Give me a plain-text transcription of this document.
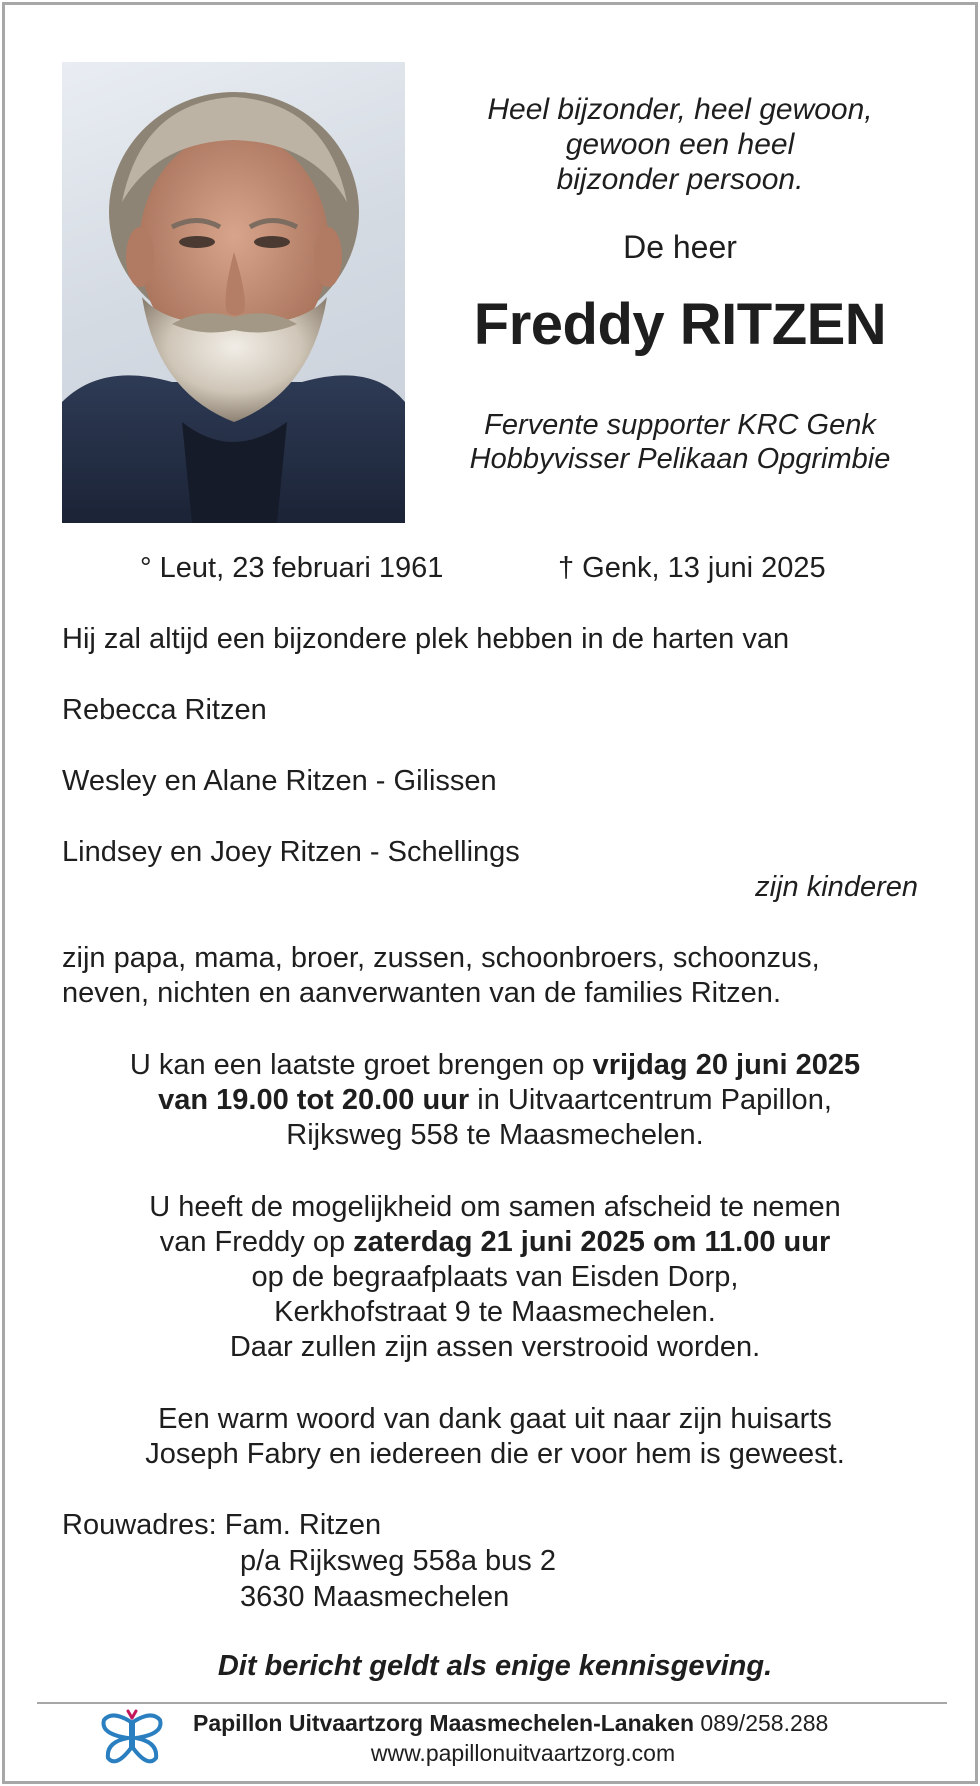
Heel bijzonder, heel gewoon,
gewoon een heel
bijzonder persoon.
De heer
Freddy RITZEN
Fervente supporter KRC Genk
Hobbyvisser Pelikaan Opgrimbie
° Leut, 23 februari 1961	† Genk, 13 juni 2025
Hij zal altijd een bijzondere plek hebben in de harten van
Rebecca Ritzen
Wesley en Alane Ritzen - Gilissen
Lindsey en Joey Ritzen - Schellings
zijn kinderen
zijn papa, mama, broer, zussen, schoonbroers, schoonzus,
neven, nichten en aanverwanten van de families Ritzen.
U kan een laatste groet brengen op vrijdag 20 juni 2025
van 19.00 tot 20.00 uur in Uitvaartcentrum Papillon,
Rijksweg 558 te Maasmechelen.
U heeft de mogelijkheid om samen afscheid te nemen
van Freddy op zaterdag 21 juni 2025 om 11.00 uur
op de begraafplaats van Eisden Dorp,
Kerkhofstraat 9 te Maasmechelen.
Daar zullen zijn assen verstrooid worden.
Een warm woord van dank gaat uit naar zijn huisarts
Joseph Fabry en iedereen die er voor hem is geweest.
Rouwadres: Fam. Ritzen
p/a Rijksweg 558a bus 2
3630 Maasmechelen
Dit bericht geldt als enige kennisgeving.
Papillon Uitvaartzorg Maasmechelen-Lanaken 089/258.288
www.papillonuitvaartzorg.com
